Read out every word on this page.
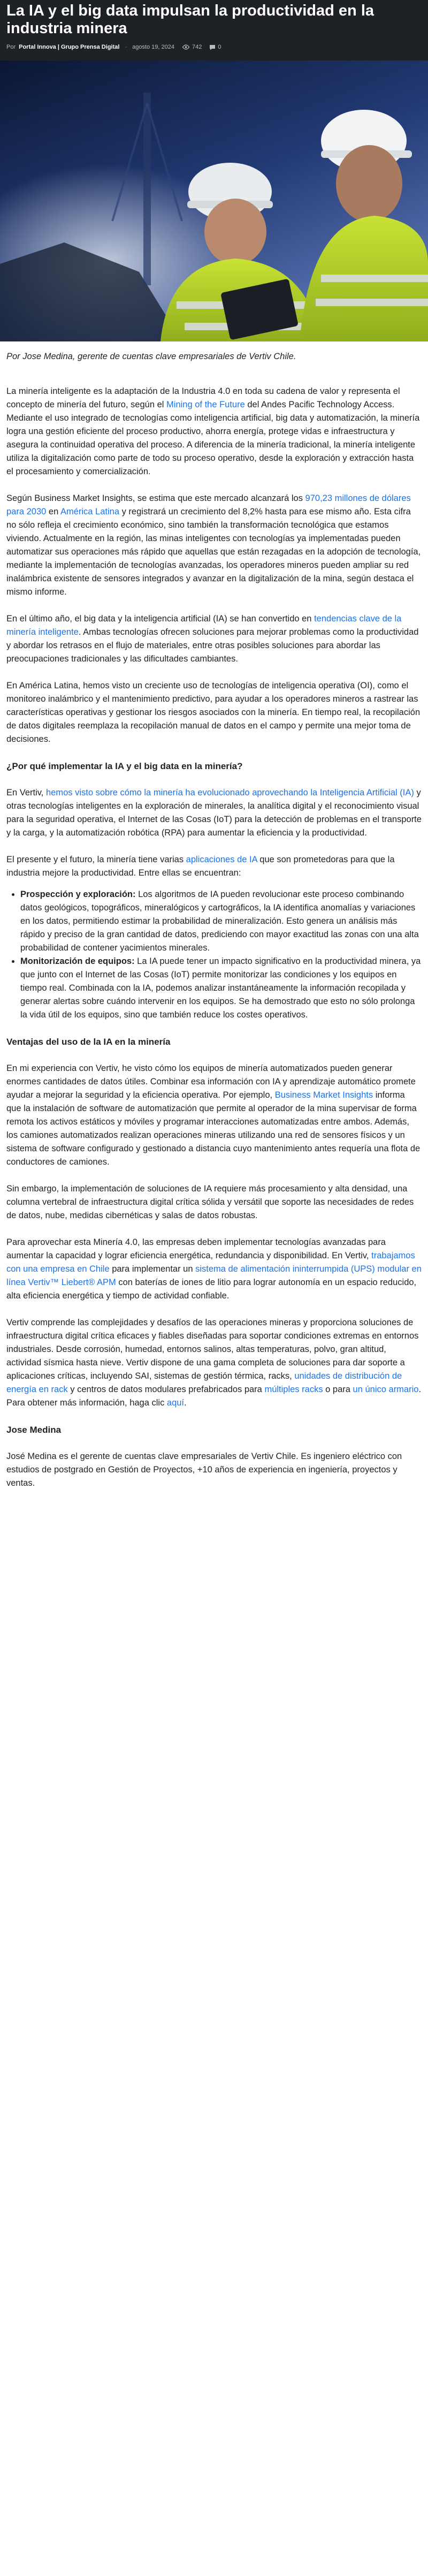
La IA y el big data impulsan la productividad en la industria minera
Por Portal Innova | Grupo Prensa Digital - agosto 19, 2024	742	0

Por Jose Medina, gerente de cuentas clave empresariales de Vertiv Chile.

La minería inteligente es la adaptación de la Industria 4.0 en toda su cadena de valor y representa el concepto de minería del futuro, según el Mining of the Future del Andes Pacific Technology Access. Mediante el uso integrado de tecnologías como inteligencia artificial, big data y automatización, la minería logra una gestión eficiente del proceso productivo, ahorra energía, protege vidas e infraestructura y asegura la continuidad operativa del proceso. A diferencia de la minería tradicional, la minería inteligente utiliza la digitalización como parte de todo su proceso operativo, desde la exploración y extracción hasta el procesamiento y comercialización.

Según Business Market Insights, se estima que este mercado alcanzará los 970,23 millones de dólares para 2030 en América Latina y registrará un crecimiento del 8,2% hasta para ese mismo año. Esta cifra no sólo refleja el crecimiento económico, sino también la transformación tecnológica que estamos viviendo. Actualmente en la región, las minas inteligentes con tecnologías ya implementadas pueden automatizar sus operaciones más rápido que aquellas que están rezagadas en la adopción de tecnología, mediante la implementación de tecnologías avanzadas, los operadores mineros pueden ampliar su red inalámbrica existente de sensores integrados y avanzar en la digitalización de la mina, según destaca el mismo informe.

En el último año, el big data y la inteligencia artificial (IA) se han convertido en tendencias clave de la minería inteligente. Ambas tecnologías ofrecen soluciones para mejorar problemas como la productividad y abordar los retrasos en el flujo de materiales, entre otras posibles soluciones para abordar las preocupaciones tradicionales y las dificultades cambiantes.

En América Latina, hemos visto un creciente uso de tecnologías de inteligencia operativa (OI), como el monitoreo inalámbrico y el mantenimiento predictivo, para ayudar a los operadores mineros a rastrear las características operativas y gestionar los riesgos asociados con la minería. En tiempo real, la recopilación de datos digitales reemplaza la recopilación manual de datos en el campo y permite una mejor toma de decisiones.

¿Por qué implementar la IA y el big data en la minería?

En Vertiv, hemos visto sobre cómo la minería ha evolucionado aprovechando la Inteligencia Artificial (IA) y otras tecnologías inteligentes en la exploración de minerales, la analítica digital y el reconocimiento visual para la seguridad operativa, el Internet de las Cosas (IoT) para la detección de problemas en el transporte y la carga, y la automatización robótica (RPA) para aumentar la eficiencia y la productividad.

El presente y el futuro, la minería tiene varias aplicaciones de IA que son prometedoras para que la industria mejore la productividad. Entre ellas se encuentran:

• Prospección y exploración: Los algoritmos de IA pueden revolucionar este proceso combinando datos geológicos, topográficos, mineralógicos y cartográficos, la IA identifica anomalías y variaciones en los datos, permitiendo estimar la probabilidad de mineralización. Esto genera un análisis más rápido y preciso de la gran cantidad de datos, prediciendo con mayor exactitud las zonas con una alta probabilidad de contener yacimientos minerales.
• Monitorización de equipos: La IA puede tener un impacto significativo en la productividad minera, ya que junto con el Internet de las Cosas (IoT) permite monitorizar las condiciones y los equipos en tiempo real. Combinada con la IA, podemos analizar instantáneamente la información recopilada y generar alertas sobre cuándo intervenir en los equipos. Se ha demostrado que esto no sólo prolonga la vida útil de los equipos, sino que también reduce los costes operativos.
Ventajas del uso de la IA en la minería

En mi experiencia con Vertiv, he visto cómo los equipos de minería automatizados pueden generar enormes cantidades de datos útiles. Combinar esa información con IA y aprendizaje automático promete ayudar a mejorar la seguridad y la eficiencia operativa. Por ejemplo, Business Market Insights informa que la instalación de software de automatización que permite al operador de la mina supervisar de forma remota los activos estáticos y móviles y programar interacciones automatizadas entre ambos. Además, los camiones automatizados realizan operaciones mineras utilizando una red de sensores físicos y un sistema de software configurado y gestionado a distancia cuyo mantenimiento antes requería una flota de conductores de camiones.

Sin embargo, la implementación de soluciones de IA requiere más procesamiento y alta densidad, una columna vertebral de infraestructura digital crítica sólida y versátil que soporte las necesidades de redes de datos, nube, medidas cibernéticas y salas de datos robustas.

Para aprovechar esta Minería 4.0, las empresas deben implementar tecnologías avanzadas para aumentar la capacidad y lograr eficiencia energética, redundancia y disponibilidad. En Vertiv, trabajamos con una empresa en Chile para implementar un sistema de alimentación ininterrumpida (UPS) modular en línea Vertiv™ Liebert® APM con baterías de iones de litio para lograr autonomía en un espacio reducido, alta eficiencia energética y tiempo de actividad confiable.

Vertiv comprende las complejidades y desafíos de las operaciones mineras y proporciona soluciones de infraestructura digital crítica eficaces y fiables diseñadas para soportar condiciones extremas en entornos industriales. Desde corrosión, humedad, entornos salinos, altas temperaturas, polvo, gran altitud, actividad sísmica hasta nieve. Vertiv dispone de una gama completa de soluciones para dar soporte a aplicaciones críticas, incluyendo SAI, sistemas de gestión térmica, racks, unidades de distribución de energía en rack y centros de datos modulares prefabricados para múltiples racks o para un único armario. Para obtener más información, haga clic aquí.

Jose Medina

José Medina es el gerente de cuentas clave empresariales de Vertiv Chile. Es ingeniero eléctrico con estudios de postgrado en Gestión de Proyectos, +10 años de experiencia en ingeniería, proyectos y ventas.
